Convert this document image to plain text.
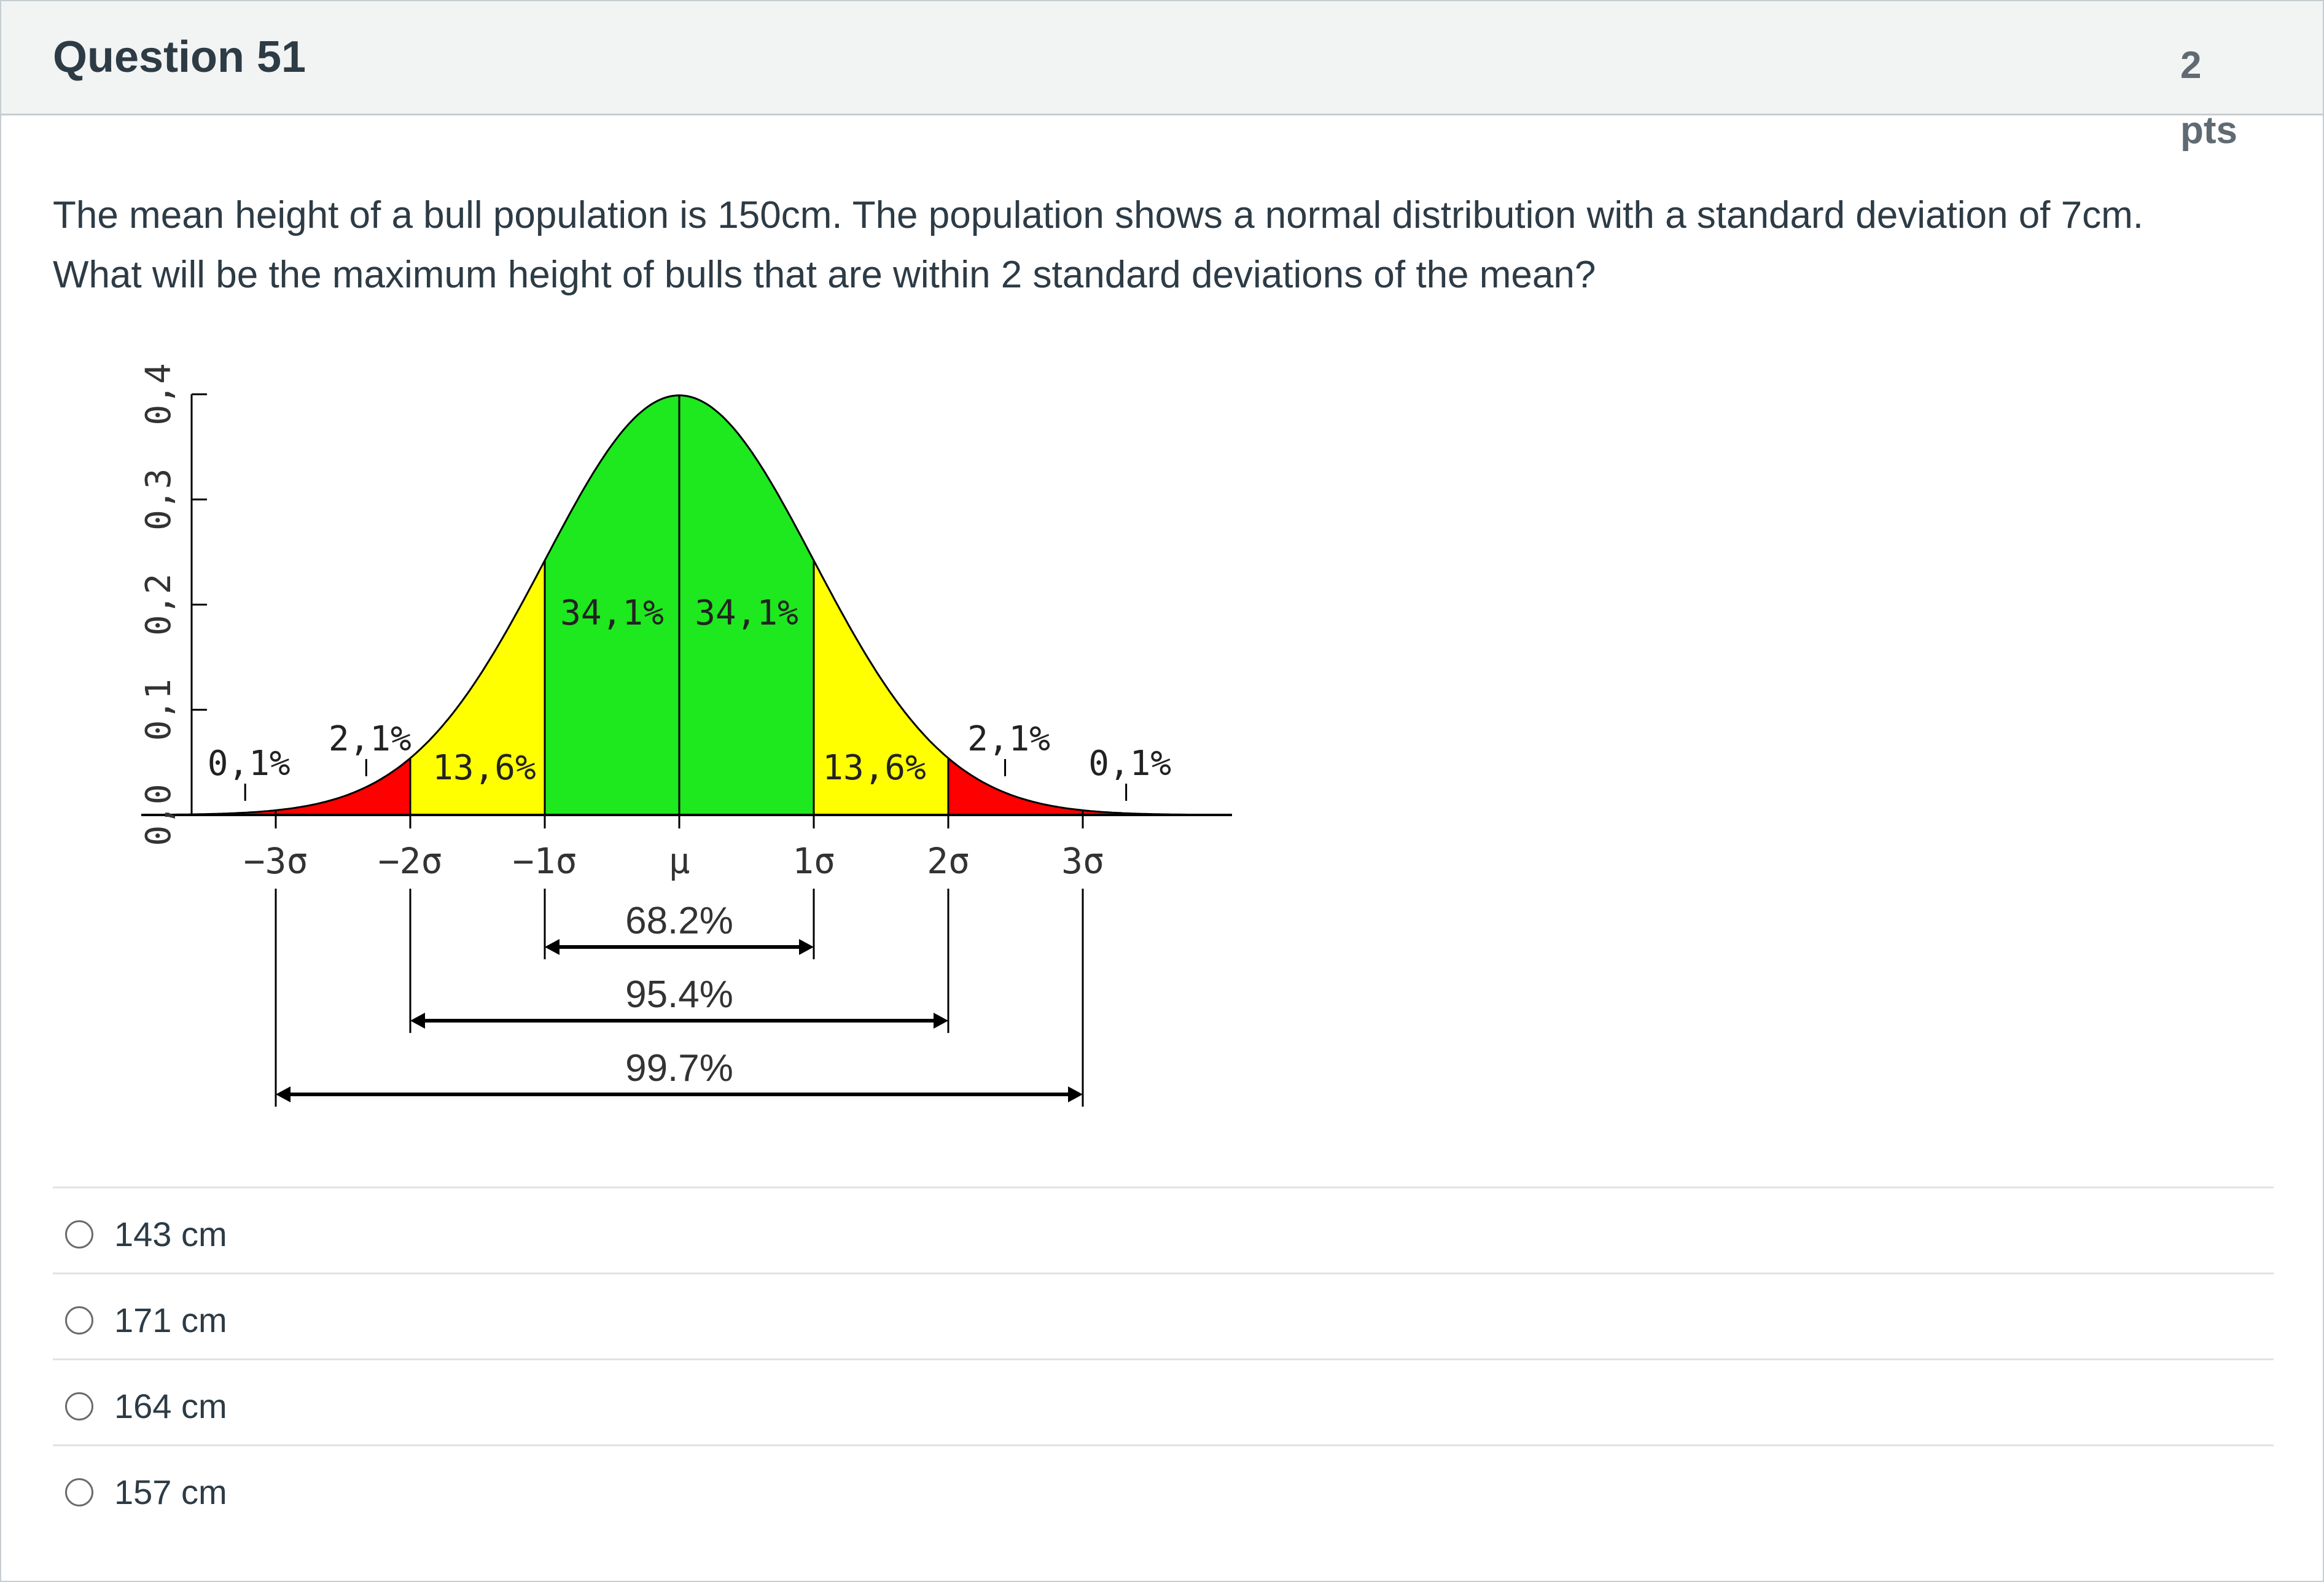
Question 51	2
pts
The mean height of a bull population is 150cm. The population shows a normal distribution with a standard deviation of 7cm. What will be the maximum height of bulls that are within 2 standard deviations of the mean?
0,0
0,1
0,2
0,3
0,4
−3σ −2σ −1σ	μ	1σ	2σ	3σ
0,1%
2,1%
13,6%
34,1% 34,1%
13,6%
2,1%
0,1%
68.2%
95.4%
99.7%
143 cm
171 cm
164 cm
157 cm
